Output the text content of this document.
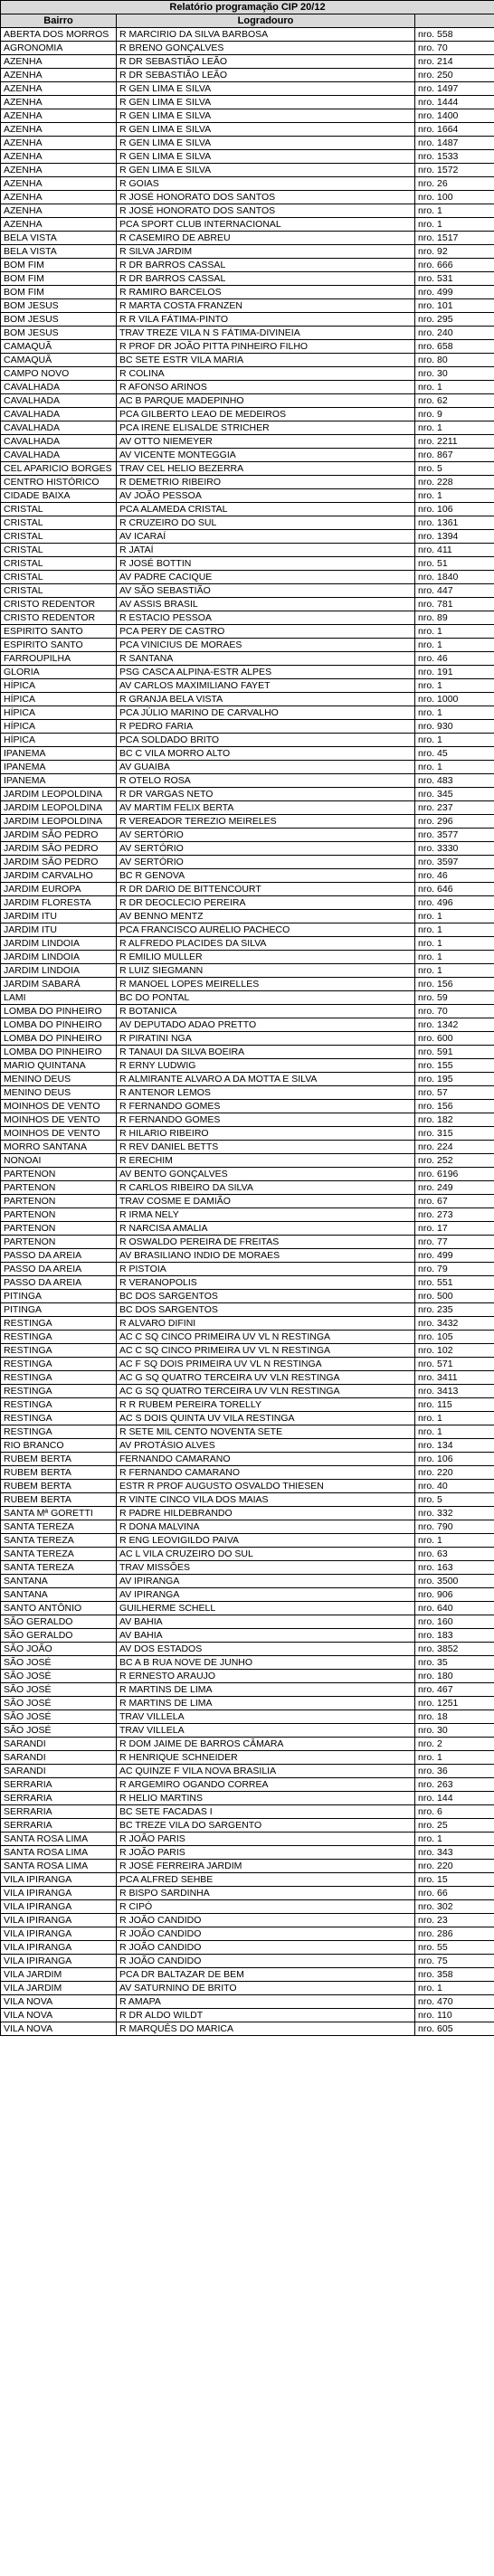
Relatório programação CIP 20/12		
Bairro	Logradouro	
ABERTA DOS MORROS	R MARCIRIO DA SILVA BARBOSA	nro. 558
AGRONOMIA	R BRENO GONÇALVES	nro. 70
AZENHA	R DR SEBASTIÃO LEÃO	nro. 214
AZENHA	R DR SEBASTIÃO LEÃO	nro. 250
AZENHA	R GEN LIMA E SILVA	nro. 1497
AZENHA	R GEN LIMA E SILVA	nro. 1444
AZENHA	R GEN LIMA E SILVA	nro. 1400
AZENHA	R GEN LIMA E SILVA	nro. 1664
AZENHA	R GEN LIMA E SILVA	nro. 1487
AZENHA	R GEN LIMA E SILVA	nro. 1533
AZENHA	R GEN LIMA E SILVA	nro. 1572
AZENHA	R GOIAS	nro. 26
AZENHA	R JOSÉ HONORATO DOS SANTOS	nro. 100
AZENHA	R JOSÉ HONORATO DOS SANTOS	nro. 1
AZENHA	PCA SPORT CLUB INTERNACIONAL	nro. 1
BELA VISTA	R CASEMIRO DE ABREU	nro. 1517
BELA VISTA	R SILVA JARDIM	nro. 92
BOM FIM	R DR BARROS CASSAL	nro. 666
BOM FIM	R DR BARROS CASSAL	nro. 531
BOM FIM	R RAMIRO BARCELOS	nro. 499
BOM JESUS	R MARTA COSTA FRANZEN	nro. 101
BOM JESUS	R R VILA FÁTIMA-PINTO	nro. 295
BOM JESUS	TRAV TREZE VILA N S FÁTIMA-DIVINEIA	nro. 240
CAMAQUÃ	R PROF DR JOÃO PITTA PINHEIRO FILHO	nro. 658
CAMAQUÃ	BC SETE ESTR VILA MARIA	nro. 80
CAMPO NOVO	R COLINA	nro. 30
CAVALHADA	R AFONSO ARINOS	nro. 1
CAVALHADA	AC B PARQUE MADEPINHO	nro. 62
CAVALHADA	PCA GILBERTO LEAO DE MEDEIROS	nro. 9
CAVALHADA	PCA IRENE ELISALDE STRICHER	nro. 1
CAVALHADA	AV OTTO NIEMEYER	nro. 2211
CAVALHADA	AV VICENTE MONTEGGIA	nro. 867
CEL APARICIO BORGES	TRAV CEL HELIO BEZERRA	nro. 5
CENTRO HISTÓRICO	R DEMETRIO RIBEIRO	nro. 228
CIDADE BAIXA	AV JOÃO PESSOA	nro. 1
CRISTAL	PCA ALAMEDA CRISTAL	nro. 106
CRISTAL	R CRUZEIRO DO SUL	nro. 1361
CRISTAL	AV ICARAÍ	nro. 1394
CRISTAL	R JATAÍ	nro. 411
CRISTAL	R JOSÉ BOTTIN	nro. 51
CRISTAL	AV PADRE CACIQUE	nro. 1840
CRISTAL	AV SÃO SEBASTIÃO	nro. 447
CRISTO REDENTOR	AV ASSIS BRASIL	nro. 781
CRISTO REDENTOR	R ESTACIO PESSOA	nro. 89
ESPIRITO SANTO	PCA PERY DE CASTRO	nro. 1
ESPIRITO SANTO	PCA VINICIUS DE MORAES	nro. 1
FARROUPILHA	R SANTANA	nro. 46
GLORIA	PSG CASCA ALPINA-ESTR ALPES	nro. 191
HÍPICA	AV CARLOS MAXIMILIANO FAYET	nro. 1
HÍPICA	R GRANJA BELA VISTA	nro. 1000
HÍPICA	PCA JÚLIO MARINO DE CARVALHO	nro. 1
HÍPICA	R PEDRO FARIA	nro. 930
HÍPICA	PCA SOLDADO BRITO	nro. 1
IPANEMA	BC C VILA MORRO ALTO	nro. 45
IPANEMA	AV GUAIBA	nro. 1
IPANEMA	R OTELO ROSA	nro. 483
JARDIM LEOPOLDINA	R DR VARGAS NETO	nro. 345
JARDIM LEOPOLDINA	AV MARTIM FELIX BERTA	nro. 237
JARDIM LEOPOLDINA	R VEREADOR TEREZIO MEIRELES	nro. 296
JARDIM SÃO PEDRO	AV SERTÓRIO	nro. 3577
JARDIM SÃO PEDRO	AV SERTÓRIO	nro. 3330
JARDIM SÃO PEDRO	AV SERTÓRIO	nro. 3597
JARDIM CARVALHO	BC R GENOVA	nro. 46
JARDIM EUROPA	R DR DARIO DE BITTENCOURT	nro. 646
JARDIM FLORESTA	R DR DEOCLECIO PEREIRA	nro. 496
JARDIM ITU	AV BENNO MENTZ	nro. 1
JARDIM ITU	PCA FRANCISCO AURÉLIO PACHECO	nro. 1
JARDIM LINDOIA	R ALFREDO PLACIDES DA SILVA	nro. 1
JARDIM LINDOIA	R EMILIO MULLER	nro. 1
JARDIM LINDOIA	R LUIZ SIEGMANN	nro. 1
JARDIM SABARÁ	R MANOEL LOPES MEIRELLES	nro. 156
LAMI	BC DO PONTAL	nro. 59
LOMBA DO PINHEIRO	R BOTANICA	nro. 70
LOMBA DO PINHEIRO	AV DEPUTADO ADAO PRETTO	nro. 1342
LOMBA DO PINHEIRO	R PIRATINI NGA	nro. 600
LOMBA DO PINHEIRO	R TANAUI DA SILVA BOEIRA	nro. 591
MARIO QUINTANA	R ERNY LUDWIG	nro. 155
MENINO DEUS	R ALMIRANTE ALVARO A DA MOTTA E SILVA	nro. 195
MENINO DEUS	R ANTENOR LEMOS	nro. 57
MOINHOS DE VENTO	R FERNANDO GOMES	nro. 156
MOINHOS DE VENTO	R FERNANDO GOMES	nro. 182
MOINHOS DE VENTO	R HILARIO RIBEIRO	nro. 315
MORRO SANTANA	R REV DANIEL BETTS	nro. 224
NONOAI	R ERECHIM	nro. 252
PARTENON	AV BENTO GONÇALVES	nro. 6196
PARTENON	R CARLOS RIBEIRO DA SILVA	nro. 249
PARTENON	TRAV COSME E DAMIÃO	nro. 67
PARTENON	R IRMA NELY	nro. 273
PARTENON	R NARCISA AMALIA	nro. 17
PARTENON	R OSWALDO PEREIRA DE FREITAS	nro. 77
PASSO DA AREIA	AV BRASILIANO INDIO DE MORAES	nro. 499
PASSO DA AREIA	R PISTOIA	nro. 79
PASSO DA AREIA	R VERANOPOLIS	nro. 551
PITINGA	BC DOS SARGENTOS	nro. 500
PITINGA	BC DOS SARGENTOS	nro. 235
RESTINGA	R ALVARO DIFINI	nro. 3432
RESTINGA	AC C SQ CINCO PRIMEIRA UV VL N RESTINGA	nro. 105
RESTINGA	AC C SQ CINCO PRIMEIRA UV VL N RESTINGA	nro. 102
RESTINGA	AC F SQ DOIS PRIMEIRA UV VL N RESTINGA	nro. 571
RESTINGA	AC G SQ QUATRO TERCEIRA UV VLN RESTINGA	nro. 3411
RESTINGA	AC G SQ QUATRO TERCEIRA UV VLN RESTINGA	nro. 3413
RESTINGA	R R RUBEM PEREIRA TORELLY	nro. 115
RESTINGA	AC S DOIS QUINTA UV VILA RESTINGA	nro. 1
RESTINGA	R SETE MIL CENTO NOVENTA SETE	nro. 1
RIO BRANCO	AV PROTÁSIO ALVES	nro. 134
RUBEM BERTA	FERNANDO CAMARANO	nro. 106
RUBEM BERTA	R FERNANDO CAMARANO	nro. 220
RUBEM BERTA	ESTR R PROF AUGUSTO OSVALDO THIESEN	nro. 40
RUBEM BERTA	R VINTE CINCO VILA DOS MAIAS	nro. 5
SANTA Mª GORETTI	R PADRE HILDEBRANDO	nro. 332
SANTA TEREZA	R DONA MALVINA	nro. 790
SANTA TEREZA	R ENG LEOVIGILDO PAIVA	nro. 1
SANTA TEREZA	AC L VILA CRUZEIRO DO SUL	nro. 63
SANTA TEREZA	TRAV MISSÕES	nro. 163
SANTANA	AV IPIRANGA	nro. 3500
SANTANA	AV IPIRANGA	nro. 906
SANTO ANTÔNIO	GUILHERME SCHELL	nro. 640
SÃO GERALDO	AV BAHIA	nro. 160
SÃO GERALDO	AV BAHIA	nro. 183
SÃO JOÃO	AV DOS ESTADOS	nro. 3852
SÃO JOSÉ	BC A B RUA NOVE DE JUNHO	nro. 35
SÃO JOSÉ	R ERNESTO ARAUJO	nro. 180
SÃO JOSÉ	R MARTINS DE LIMA	nro. 467
SÃO JOSÉ	R MARTINS DE LIMA	nro. 1251
SÃO JOSÉ	TRAV VILLELA	nro. 18
SÃO JOSÉ	TRAV VILLELA	nro. 30
SARANDI	R DOM JAIME DE BARROS CÂMARA	nro. 2
SARANDI	R HENRIQUE SCHNEIDER	nro. 1
SARANDI	AC QUINZE F VILA NOVA BRASILIA	nro. 36
SERRARIA	R ARGEMIRO OGANDO CORREA	nro. 263
SERRARIA	R HELIO MARTINS	nro. 144
SERRARIA	BC SETE FACADAS I	nro. 6
SERRARIA	BC TREZE VILA DO SARGENTO	nro. 25
SANTA ROSA LIMA	R JOÃO PARIS	nro. 1
SANTA ROSA LIMA	R JOÃO PARIS	nro. 343
SANTA ROSA LIMA	R JOSÉ FERREIRA JARDIM	nro. 220
VILA IPIRANGA	PCA ALFRED SEHBE	nro. 15
VILA IPIRANGA	R BISPO SARDINHA	nro. 66
VILA IPIRANGA	R CIPÓ	nro. 302
VILA IPIRANGA	R JOÃO CANDIDO	nro. 23
VILA IPIRANGA	R JOÃO CANDIDO	nro. 286
VILA IPIRANGA	R JOÃO CANDIDO	nro. 55
VILA IPIRANGA	R JOÃO CANDIDO	nro. 75
VILA JARDIM	PCA DR BALTAZAR DE BEM	nro. 358
VILA JARDIM	AV SATURNINO DE BRITO	nro. 1
VILA NOVA	R AMAPA	nro. 470
VILA NOVA	R DR ALDO WILDT	nro. 110
VILA NOVA	R MARQUÊS DO MARICA	nro. 605
